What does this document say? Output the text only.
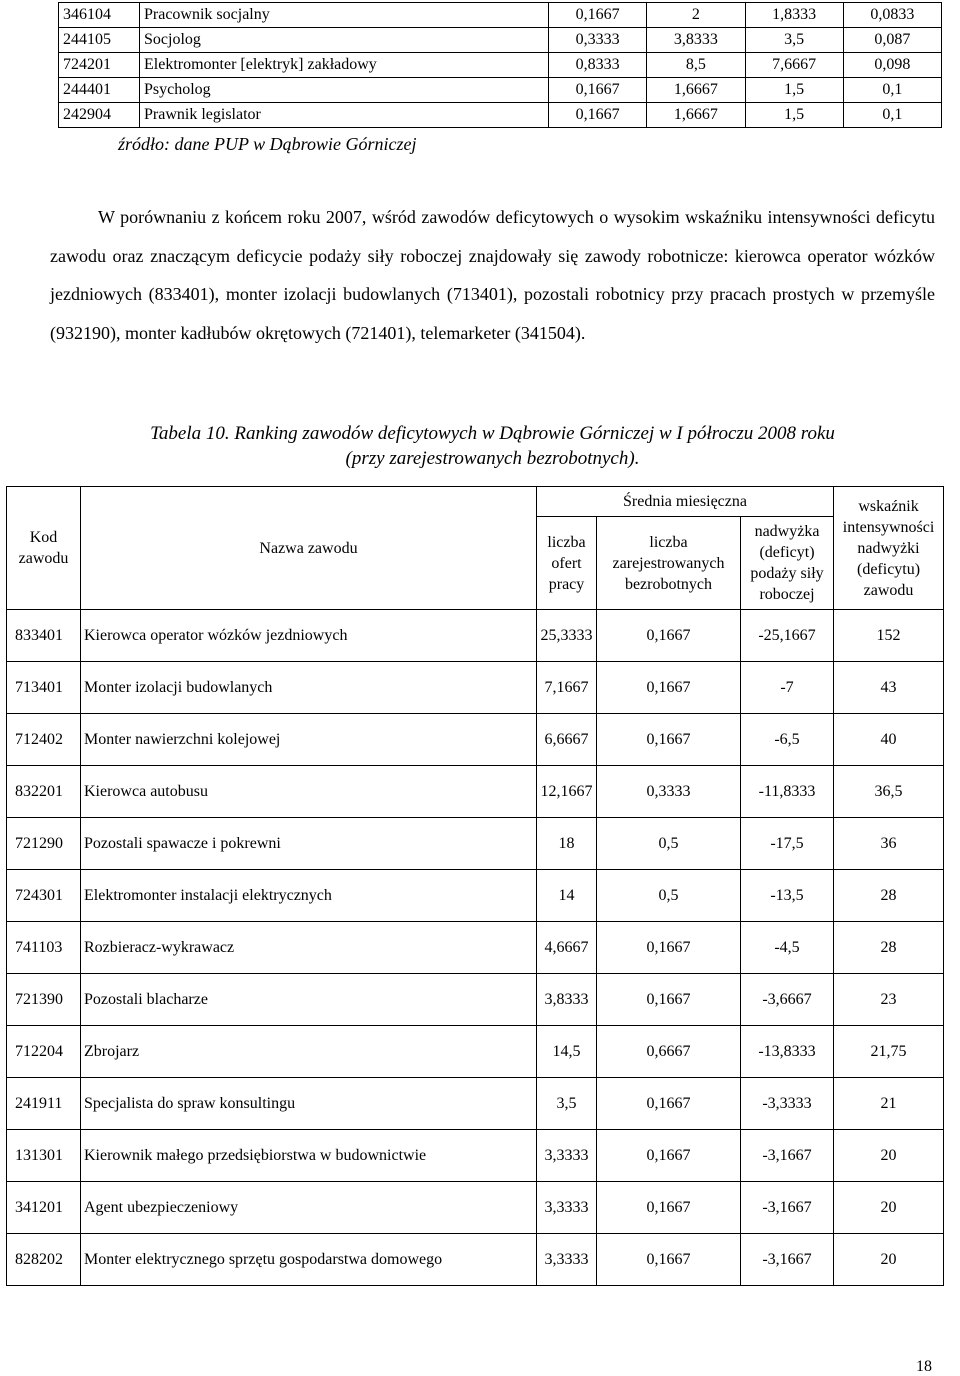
346104	Pracownik socjalny	0,1667	2	1,8333	0,0833
244105	Socjolog	0,3333	3,8333	3,5	0,087
724201	Elektromonter [elektryk] zakładowy	0,8333	8,5	7,6667	0,098
244401	Psycholog	0,1667	1,6667	1,5	0,1
242904	Prawnik legislator	0,1667	1,6667	1,5	0,1
źródło: dane PUP w Dąbrowie Górniczej

W porównaniu z końcem roku 2007, wśród zawodów deficytowych o wysokim wskaźniku intensywności deficytu zawodu oraz znaczącym deficycie podaży siły roboczej znajdowały się zawody robotnicze: kierowca operator wózków jezdniowych (833401), monter izolacji budowlanych (713401), pozostali robotnicy przy pracach prostych w przemyśle (932190), monter kadłubów okrętowych (721401), telemarketer (341504).

Tabela 10. Ranking zawodów deficytowych w Dąbrowie Górniczej w I półroczu 2008 roku
(przy zarejestrowanych bezrobotnych).
Kod zawodu	Nazwa zawodu	Średnia miesięczna			wskaźnik intensywności nadwyżki (deficytu) zawodu
		liczba ofert pracy	liczba zarejestrowanych bezrobotnych	nadwyżka (deficyt) podaży siły roboczej	
833401	Kierowca operator wózków jezdniowych	25,3333	0,1667	-25,1667	152
713401	Monter izolacji budowlanych	7,1667	0,1667	-7	43
712402	Monter nawierzchni kolejowej	6,6667	0,1667	-6,5	40
832201	Kierowca autobusu	12,1667	0,3333	-11,8333	36,5
721290	Pozostali spawacze i pokrewni	18	0,5	-17,5	36
724301	Elektromonter instalacji elektrycznych	14	0,5	-13,5	28
741103	Rozbieracz-wykrawacz	4,6667	0,1667	-4,5	28
721390	Pozostali blacharze	3,8333	0,1667	-3,6667	23
712204	Zbrojarz	14,5	0,6667	-13,8333	21,75
241911	Specjalista do spraw konsultingu	3,5	0,1667	-3,3333	21
131301	Kierownik małego przedsiębiorstwa w budownictwie	3,3333	0,1667	-3,1667	20
341201	Agent ubezpieczeniowy	3,3333	0,1667	-3,1667	20
828202	Monter elektrycznego sprzętu gospodarstwa domowego	3,3333	0,1667	-3,1667	20
18
